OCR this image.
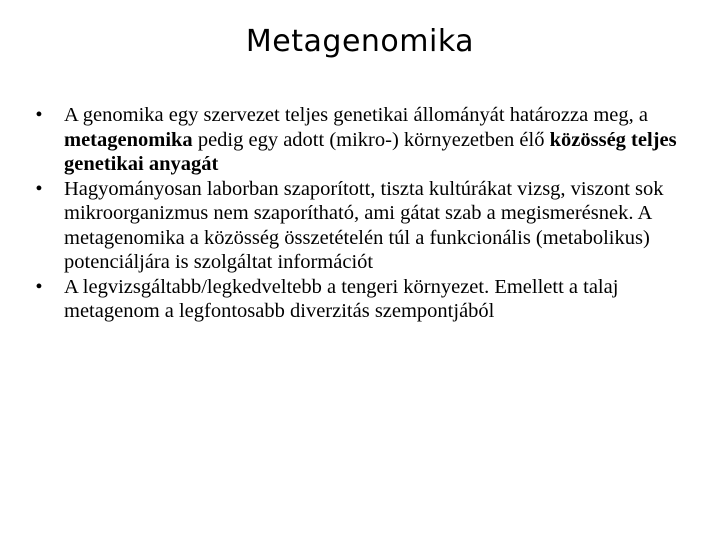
Metagenomika
• A genomika egy szervezet teljes genetikai állományát határozza meg, a metagenomika pedig egy adott (mikro-) környezetben élő közösség teljes genetikai anyagát
• Hagyományosan laborban szaporított, tiszta kultúrákat vizsg, viszont sok mikroorganizmus nem szaporítható, ami gátat szab a megismerésnek. A metagenomika a közösség összetételén túl a funkcionális (metabolikus) potenciáljára is szolgáltat információt
• A legvizsgáltabb/legkedveltebb a tengeri környezet. Emellett a talaj metagenom a legfontosabb diverzitás szempontjából
